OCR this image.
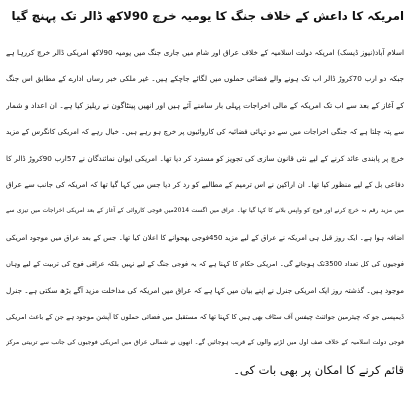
امریکہ کا داعش کے خلاف جنگ کا یومیہ خرچ 90لاکھ ڈالر تک پہنچ گیا
اسلام آباد(نیوز ڈیسک) امریکہ دولت اسلامیہ کے خلاف عراق اور شام میں جاری جنگ میں یومیہ 90لاکھ امریکی ڈالر خرچ کررہا ہے
جبکہ دو ارب 70کروڑ ڈالر اب تک ہونے والے فضائی حملوں میں لگائے جاچکے ہیں۔ غیر ملکی خبر رساں ادارے کے مطابق اس جنگ
کے آغاز کے بعد سے اب تک امریکہ کے مالی اخراجات پہلی بار سامنے آئے ہیں اور انھیں پینٹاگون نے ریلیز کیا ہے۔ ان اعداد و شمار
سے پتہ چلتا ہے کہ جنگی اخراجات میں سے دو تہائی فضائیہ کی کاروائیوں پر خرچ ہو رہے ہیں۔ خیال رہے کہ امریکی کانگرس کے مزید
خرچ پر پابندی عائد کرنے کے لیے نئی قانون سازی کی تجویز کو مسترد کر دیا تھا۔ امریکی ایوان نمائندگان نے 57ارب 90کروڑ ڈالر کا
دفاعی بل کے لیے منظور کیا تھا۔ ان اراکین نے اس ترمیم کے مطالبے کو رد کر دیا جس میں کہا گیا تھا کہ امریکہ کی جانب سے عراق
میں مزید رقم نہ خرچ کرنے اور فوج کو واپس بلانے کا کہا گیا تھا۔ عراق میں اگست 2014میں فوجی کاروائی کے آغاز کے بعد امریکی اخراجات میں تیزی سے
اضافہ ہوا ہے۔ ایک روز قبل ہی امریکہ نے عراق کے لیے مزید 450فوجی بھجوانے کا اعلان کیا تھا۔ جس کے بعد عراق میں موجود امریکی
فوجیوں کی کل تعداد 3500تک ہوجائے گی۔ امریکی حکام کا کہنا ہے کہ یہ فوجی جنگ کے لیے نہیں بلکہ عراقی فوج کی تربیت کے لیے وہاں
موجود ہیں۔ گذشتہ روز ایک امریکی جنرل نے اپنے بیان میں کہا ہے کہ عراق میں امریکہ کی مداخلت مزید آگے بڑھ سکتی ہے۔ جنرل
ڈیمپسی جو کہ چیئرمین جوائنٹ چیفس آف سٹاف بھی ہیں کا کہنا تھا کہ مستقبل میں فضائی حملوں کا آپشن موجود ہے جن کے باعث امریکی
فوجی دولت اسلامیہ کے خلاف صف اول میں لڑنے والوں کے قریب ہوجائیں گے۔ انھوں نے شمالی عراق میں امریکی فوجیوں کی جانب سے تربیتی مرکز
قائم کرنے کا امکان پر بھی بات کی۔
